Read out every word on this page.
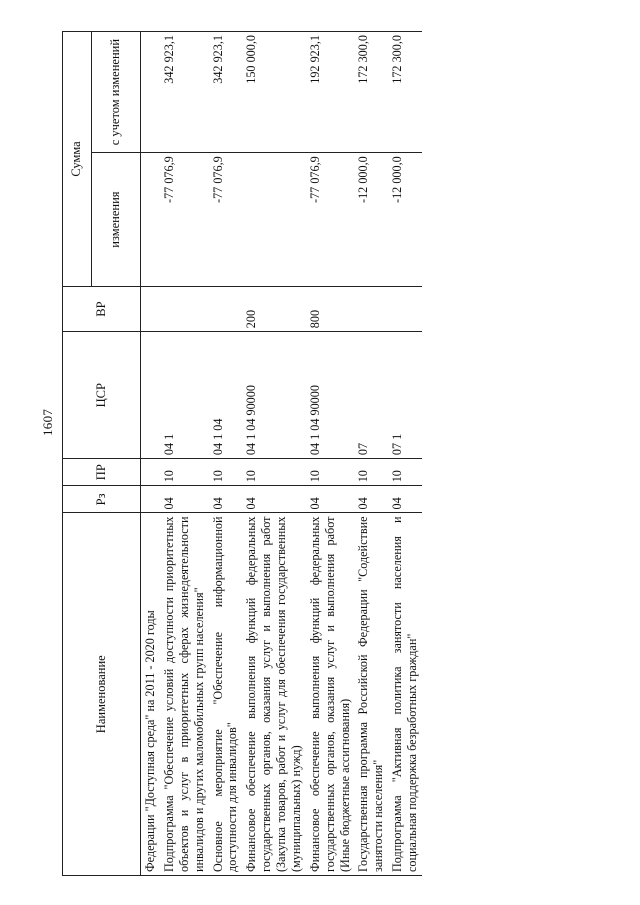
1607
Наименование	Рз	ПР	ЦСР	ВР	Сумма	
					изменения	с учетом изменений
Федерации "Доступная среда" на 2011 - 2020 годы						
Подпрограмма "Обеспечение условий доступности приоритетных объектов и услуг в приоритетных сферах жизнедеятельности инвалидов и других маломобильных групп населения"	04	10	04 1		-77 076,9	342 923,1
Основное мероприятие "Обеспечение информационной доступности для инвалидов"	04	10	04 1 04		-77 076,9	342 923,1
Финансовое обеспечение выполнения функций федеральных государственных органов, оказания услуг и выполнения работ (Закупка товаров, работ и услуг для обеспечения государственных (муниципальных) нужд)	04	10	04 1 04 90000	200		150 000,0
Финансовое обеспечение выполнения функций федеральных государственных органов, оказания услуг и выполнения работ (Иные бюджетные ассигнования)	04	10	04 1 04 90000	800	-77 076,9	192 923,1
Государственная программа Российской Федерации "Содействие занятости населения"	04	10	07		-12 000,0	172 300,0
Подпрограмма "Активная политика занятости населения и социальная поддержка безработных граждан"	04	10	07 1		-12 000,0	172 300,0
